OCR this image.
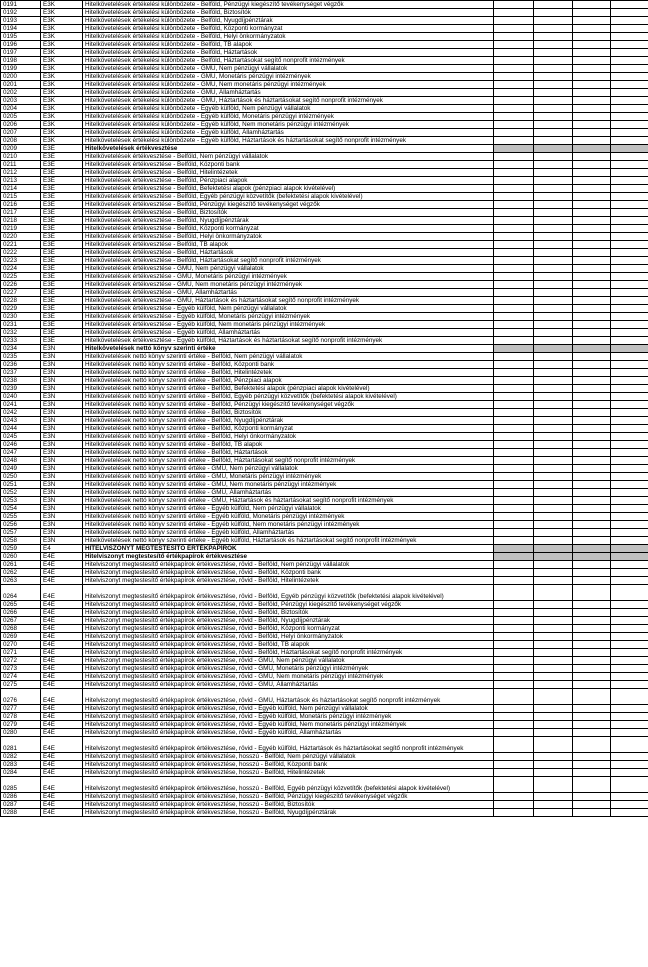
0191	E3K	Hitelkövetelések értékelési különbözete - Belföld, Pénzügyi kiegészítő tevékenységet végzők				
0192	E3K	Hitelkövetelések értékelési különbözete - Belföld, Biztosítók				
0193	E3K	Hitelkövetelések értékelési különbözete - Belföld, Nyugdíjpénztárak				
0194	E3K	Hitelkövetelések értékelési különbözete - Belföld, Központi kormányzat				
0195	E3K	Hitelkövetelések értékelési különbözete - Belföld, Helyi önkormányzatok				
0196	E3K	Hitelkövetelések értékelési különbözete - Belföld, TB alapok				
0197	E3K	Hitelkövetelések értékelési különbözete - Belföld, Háztartások				
0198	E3K	Hitelkövetelések értékelési különbözete - Belföld, Háztartásokat segítő nonprofit intézmények				
0199	E3K	Hitelkövetelések értékelési különbözete - GMU, Nem pénzügyi vállalatok				
0200	E3K	Hitelkövetelések értékelési különbözete - GMU, Monetáris pénzügyi intézmények				
0201	E3K	Hitelkövetelések értékelési különbözete - GMU, Nem monetáris pénzügyi intézmények				
0202	E3K	Hitelkövetelések értékelési különbözete - GMU, Államháztartás				
0203	E3K	Hitelkövetelések értékelési különbözete - GMU, Háztartások és háztartásokat segítő nonprofit intézmények				
0204	E3K	Hitelkövetelések értékelési különbözete - Egyéb külföld, Nem pénzügyi vállalatok				
0205	E3K	Hitelkövetelések értékelési különbözete - Egyéb külföld, Monetáris pénzügyi intézmények				
0206	E3K	Hitelkövetelések értékelési különbözete - Egyéb külföld, Nem monetáris pénzügyi intézmények				
0207	E3K	Hitelkövetelések értékelési különbözete - Egyéb külföld, Államháztartás				
0208	E3K	Hitelkövetelések értékelési különbözete - Egyéb külföld, Háztartások és háztartásokat segítő nonprofit intézmények				
0209	E3E	Hitelkövetelések értékvesztése				
0210	E3E	Hitelkövetelések értékvesztése - Belföld, Nem pénzügyi vállalatok				
0211	E3E	Hitelkövetelések értékvesztése - Belföld, Központi bank				
0212	E3E	Hitelkövetelések értékvesztése - Belföld, Hitelintézetek				
0213	E3E	Hitelkövetelések értékvesztése - Belföld, Pénzpiaci alapok				
0214	E3E	Hitelkövetelések értékvesztése - Belföld, Befektetési alapok (pénzpiaci alapok kivételével)				
0215	E3E	Hitelkövetelések értékvesztése - Belföld, Egyéb pénzügyi közvetítők (befektetési alapok kivételével)				
0216	E3E	Hitelkövetelések értékvesztése - Belföld, Pénzügyi kiegészítő tevékenységet végzők				
0217	E3E	Hitelkövetelések értékvesztése - Belföld, Biztosítók				
0218	E3E	Hitelkövetelések értékvesztése - Belföld, Nyugdíjpénztárak				
0219	E3E	Hitelkövetelések értékvesztése - Belföld, Központi kormányzat				
0220	E3E	Hitelkövetelések értékvesztése - Belföld, Helyi önkormányzatok				
0221	E3E	Hitelkövetelések értékvesztése - Belföld, TB alapok				
0222	E3E	Hitelkövetelések értékvesztése - Belföld, Háztartások				
0223	E3E	Hitelkövetelések értékvesztése - Belföld, Háztartásokat segítő nonprofit intézmények				
0224	E3E	Hitelkövetelések értékvesztése - GMU, Nem pénzügyi vállalatok				
0225	E3E	Hitelkövetelések értékvesztése - GMU, Monetáris pénzügyi intézmények				
0226	E3E	Hitelkövetelések értékvesztése - GMU, Nem monetáris pénzügyi intézmények				
0227	E3E	Hitelkövetelések értékvesztése - GMU, Államháztartás				
0228	E3E	Hitelkövetelések értékvesztése - GMU, Háztartások és háztartásokat segítő nonprofit intézmények				
0229	E3E	Hitelkövetelések értékvesztése - Egyéb külföld, Nem pénzügyi vállalatok				
0230	E3E	Hitelkövetelések értékvesztése - Egyéb külföld, Monetáris pénzügyi intézmények				
0231	E3E	Hitelkövetelések értékvesztése - Egyéb külföld, Nem monetáris pénzügyi intézmények				
0232	E3E	Hitelkövetelések értékvesztése - Egyéb külföld, Államháztartás				
0233	E3E	Hitelkövetelések értékvesztése - Egyéb külföld, Háztartások és háztartásokat segítő nonprofit intézmények				
0234	E3N	Hitelkövetelések nettó könyv szerinti értéke				
0235	E3N	Hitelkövetelések nettó könyv szerinti értéke - Belföld, Nem pénzügyi vállalatok				
0236	E3N	Hitelkövetelések nettó könyv szerinti értéke - Belföld, Központi bank				
0237	E3N	Hitelkövetelések nettó könyv szerinti értéke - Belföld, Hitelintézetek				
0238	E3N	Hitelkövetelések nettó könyv szerinti értéke - Belföld, Pénzpiaci alapok				
0239	E3N	Hitelkövetelések nettó könyv szerinti értéke - Belföld, Befektetési alapok (pénzpiaci alapok kivételével)				
0240	E3N	Hitelkövetelések nettó könyv szerinti értéke - Belföld, Egyéb pénzügyi közvetítők (befektetési alapok kivételével)				
0241	E3N	Hitelkövetelések nettó könyv szerinti értéke - Belföld, Pénzügyi kiegészítő tevékenységet végzők				
0242	E3N	Hitelkövetelések nettó könyv szerinti értéke - Belföld, Biztosítók				
0243	E3N	Hitelkövetelések nettó könyv szerinti értéke - Belföld, Nyugdíjpénztárak				
0244	E3N	Hitelkövetelések nettó könyv szerinti értéke - Belföld, Központi kormányzat				
0245	E3N	Hitelkövetelések nettó könyv szerinti értéke - Belföld, Helyi önkormányzatok				
0246	E3N	Hitelkövetelések nettó könyv szerinti értéke - Belföld, TB alapok				
0247	E3N	Hitelkövetelések nettó könyv szerinti értéke - Belföld, Háztartások				
0248	E3N	Hitelkövetelések nettó könyv szerinti értéke - Belföld, Háztartásokat segítő nonprofit intézmények				
0249	E3N	Hitelkövetelések nettó könyv szerinti értéke - GMU, Nem pénzügyi vállalatok				
0250	E3N	Hitelkövetelések nettó könyv szerinti értéke - GMU, Monetáris pénzügyi intézmények				
0251	E3N	Hitelkövetelések nettó könyv szerinti értéke - GMU, Nem monetáris pénzügyi intézmények				
0252	E3N	Hitelkövetelések nettó könyv szerinti értéke - GMU, Államháztartás				
0253	E3N	Hitelkövetelések nettó könyv szerinti értéke - GMU, Háztartások és háztartásokat segítő nonprofit intézmények				
0254	E3N	Hitelkövetelések nettó könyv szerinti értéke - Egyéb külföld, Nem pénzügyi vállalatok				
0255	E3N	Hitelkövetelések nettó könyv szerinti értéke - Egyéb külföld, Monetáris pénzügyi intézmények				
0256	E3N	Hitelkövetelések nettó könyv szerinti értéke - Egyéb külföld, Nem monetáris pénzügyi intézmények				
0257	E3N	Hitelkövetelések nettó könyv szerinti értéke - Egyéb külföld, Államháztartás				
0258	E3N	Hitelkövetelések nettó könyv szerinti értéke - Egyéb külföld, Háztartások és háztartásokat segítő nonprofit intézmények				
0259	E4	HITELVISZONYT MEGTESTESÍTŐ ÉRTÉKPAPÍROK				
0260	E4E	Hitelviszonyt megtestesítő értékpapírok értékvesztése				
0261	E4E	Hitelviszonyt megtestesítő értékpapírok értékvesztése, rövid - Belföld, Nem pénzügyi vállalatok				
0262	E4E	Hitelviszonyt megtestesítő értékpapírok értékvesztése, rövid - Belföld, Központi bank				
0263	E4E	Hitelviszonyt megtestesítő értékpapírok értékvesztése, rövid - Belföld, Hitelintézetek				
0264	E4E	Hitelviszonyt megtestesítő értékpapírok értékvesztése, rövid - Belföld, Egyéb pénzügyi közvetítők (befektetési alapok kivételével)				
0265	E4E	Hitelviszonyt megtestesítő értékpapírok értékvesztése, rövid - Belföld, Pénzügyi kiegészítő tevékenységet végzők				
0266	E4E	Hitelviszonyt megtestesítő értékpapírok értékvesztése, rövid - Belföld, Biztosítók				
0267	E4E	Hitelviszonyt megtestesítő értékpapírok értékvesztése, rövid - Belföld, Nyugdíjpénztárak				
0268	E4E	Hitelviszonyt megtestesítő értékpapírok értékvesztése, rövid - Belföld, Központi kormányzat				
0269	E4E	Hitelviszonyt megtestesítő értékpapírok értékvesztése, rövid - Belföld, Helyi önkormányzatok				
0270	E4E	Hitelviszonyt megtestesítő értékpapírok értékvesztése, rövid - Belföld, TB alapok				
0271	E4E	Hitelviszonyt megtestesítő értékpapírok értékvesztése, rövid - Belföld, Háztartásokat segítő nonprofit intézmények				
0272	E4E	Hitelviszonyt megtestesítő értékpapírok értékvesztése, rövid - GMU, Nem pénzügyi vállalatok				
0273	E4E	Hitelviszonyt megtestesítő értékpapírok értékvesztése, rövid - GMU, Monetáris pénzügyi intézmények				
0274	E4E	Hitelviszonyt megtestesítő értékpapírok értékvesztése, rövid - GMU, Nem monetáris pénzügyi intézmények				
0275	E4E	Hitelviszonyt megtestesítő értékpapírok értékvesztése, rövid - GMU, Államháztartás				
0276	E4E	Hitelviszonyt megtestesítő értékpapírok értékvesztése, rövid - GMU, Háztartások és háztartásokat segítő nonprofit intézmények				
0277	E4E	Hitelviszonyt megtestesítő értékpapírok értékvesztése, rövid - Egyéb külföld, Nem pénzügyi vállalatok				
0278	E4E	Hitelviszonyt megtestesítő értékpapírok értékvesztése, rövid - Egyéb külföld, Monetáris pénzügyi intézmények				
0279	E4E	Hitelviszonyt megtestesítő értékpapírok értékvesztése, rövid - Egyéb külföld, Nem monetáris pénzügyi intézmények				
0280	E4E	Hitelviszonyt megtestesítő értékpapírok értékvesztése, rövid - Egyéb külföld, Államháztartás				
0281	E4E	Hitelviszonyt megtestesítő értékpapírok értékvesztése, rövid - Egyéb külföld, Háztartások és háztartásokat segítő nonprofit intézmények				
0282	E4E	Hitelviszonyt megtestesítő értékpapírok értékvesztése, hosszú - Belföld, Nem pénzügyi vállalatok				
0283	E4E	Hitelviszonyt megtestesítő értékpapírok értékvesztése, hosszú - Belföld, Központi bank				
0284	E4E	Hitelviszonyt megtestesítő értékpapírok értékvesztése, hosszú - Belföld, Hitelintézetek				
0285	E4E	Hitelviszonyt megtestesítő értékpapírok értékvesztése, hosszú - Belföld, Egyéb pénzügyi közvetítők (befektetési alapok kivételével)				
0286	E4E	Hitelviszonyt megtestesítő értékpapírok értékvesztése, hosszú - Belföld, Pénzügyi kiegészítő tevékenységet végzők				
0287	E4E	Hitelviszonyt megtestesítő értékpapírok értékvesztése, hosszú - Belföld, Biztosítók				
0288	E4E	Hitelviszonyt megtestesítő értékpapírok értékvesztése, hosszú - Belföld, Nyugdíjpénztárak				
